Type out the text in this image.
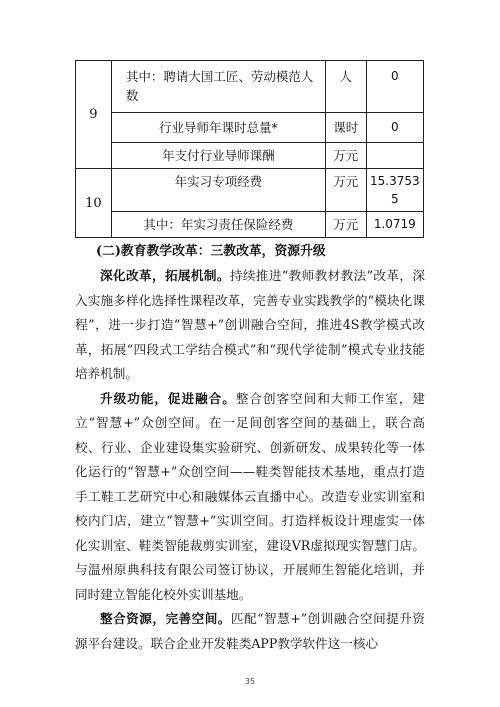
9	其中：聘请大国工匠、劳动模范人数	人	0
	行业导师年课时总量*	课时	0
	年支付行业导师课酬	万元	
10	年实习专项经费	万元	15.37535
	其中：年实习责任保险经费	万元	1.0719
(二)教育教学改革：三教改革，资源升级

深化改革，拓展机制。持续推进“教师教材教法”改革，深入实施多样化选择性课程改革，完善专业实践教学的“模块化课程”，进一步打造“智慧+”创训融合空间，推进4S教学模式改革，拓展“四段式工学结合模式”和“现代学徒制”模式专业技能培养机制。

升级功能，促进融合。整合创客空间和大师工作室，建立“智慧+”众创空间。在一足间创客空间的基础上，联合高校、行业、企业建设集实验研究、创新研发、成果转化等一体化运行的“智慧+”众创空间——鞋类智能技术基地，重点打造手工鞋工艺研究中心和融媒体云直播中心。改造专业实训室和校内门店，建立“智慧+”实训空间。打造样板设计理虚实一体化实训室、鞋类智能裁剪实训室，建设VR虚拟现实智慧门店。与温州原典科技有限公司签订协议，开展师生智能化培训，并同时建立智能化校外实训基地。

整合资源，完善空间。匹配“智慧+”创训融合空间提升资源平台建设。联合企业开发鞋类APP教学软件这一核心

35
